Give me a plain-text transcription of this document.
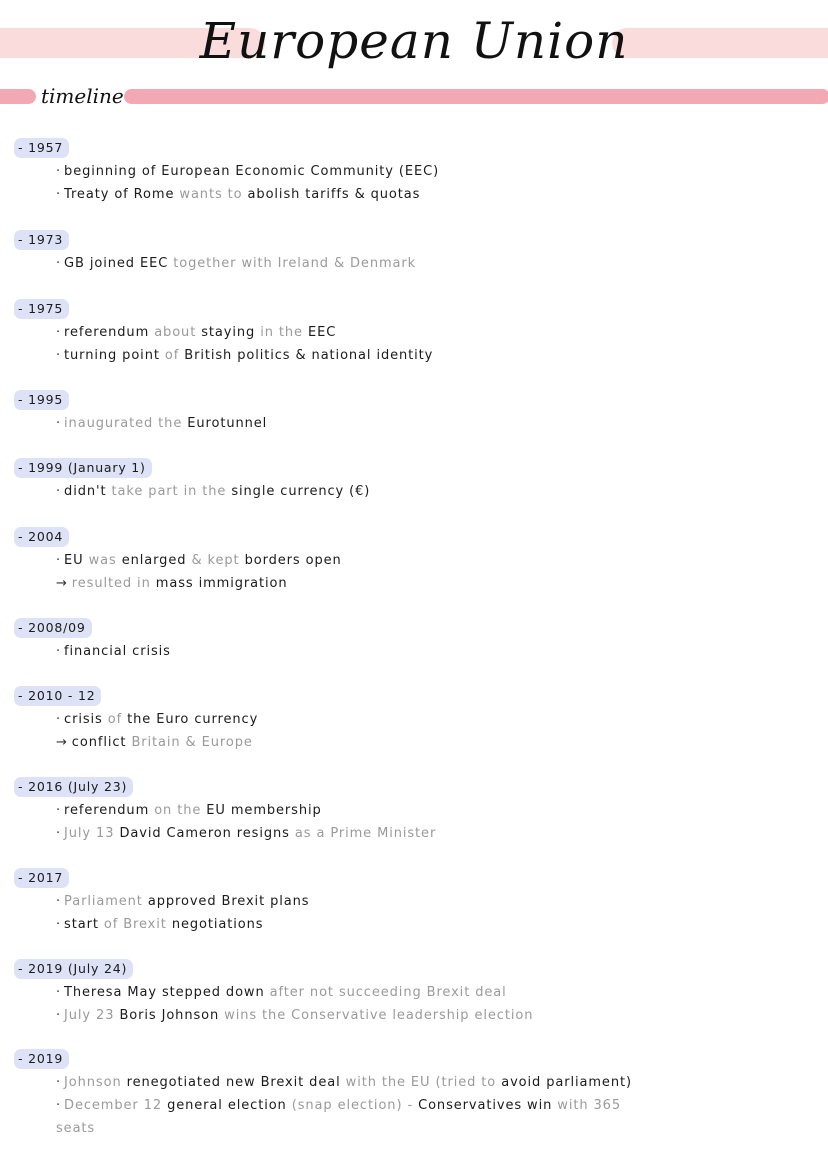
European Union
timeline
- 1957
· beginning of European Economic Community (EEC)
· Treaty of Rome wants to abolish tariffs & quotas
- 1973
· GB joined EEC together with Ireland & Denmark
- 1975
· referendum about staying in the EEC
· turning point of British politics & national identity
- 1995
· inaugurated the Eurotunnel
- 1999 (January 1)
· didn't take part in the single currency (€)
- 2004
· EU was enlarged & kept borders open
→ resulted in mass immigration
- 2008/09
· financial crisis
- 2010 - 12
· crisis of the Euro currency
→ conflict Britain & Europe
- 2016 (July 23)
· referendum on the EU membership
· July 13 David Cameron resigns as a Prime Minister
- 2017
· Parliament approved Brexit plans
· start of Brexit negotiations
- 2019 (July 24)
· Theresa May stepped down after not succeeding Brexit deal
· July 23 Boris Johnson wins the Conservative leadership election
- 2019
· Johnson renegotiated new Brexit deal with the EU (tried to avoid parliament)
· December 12 general election (snap election) - Conservatives win with 365
seats
